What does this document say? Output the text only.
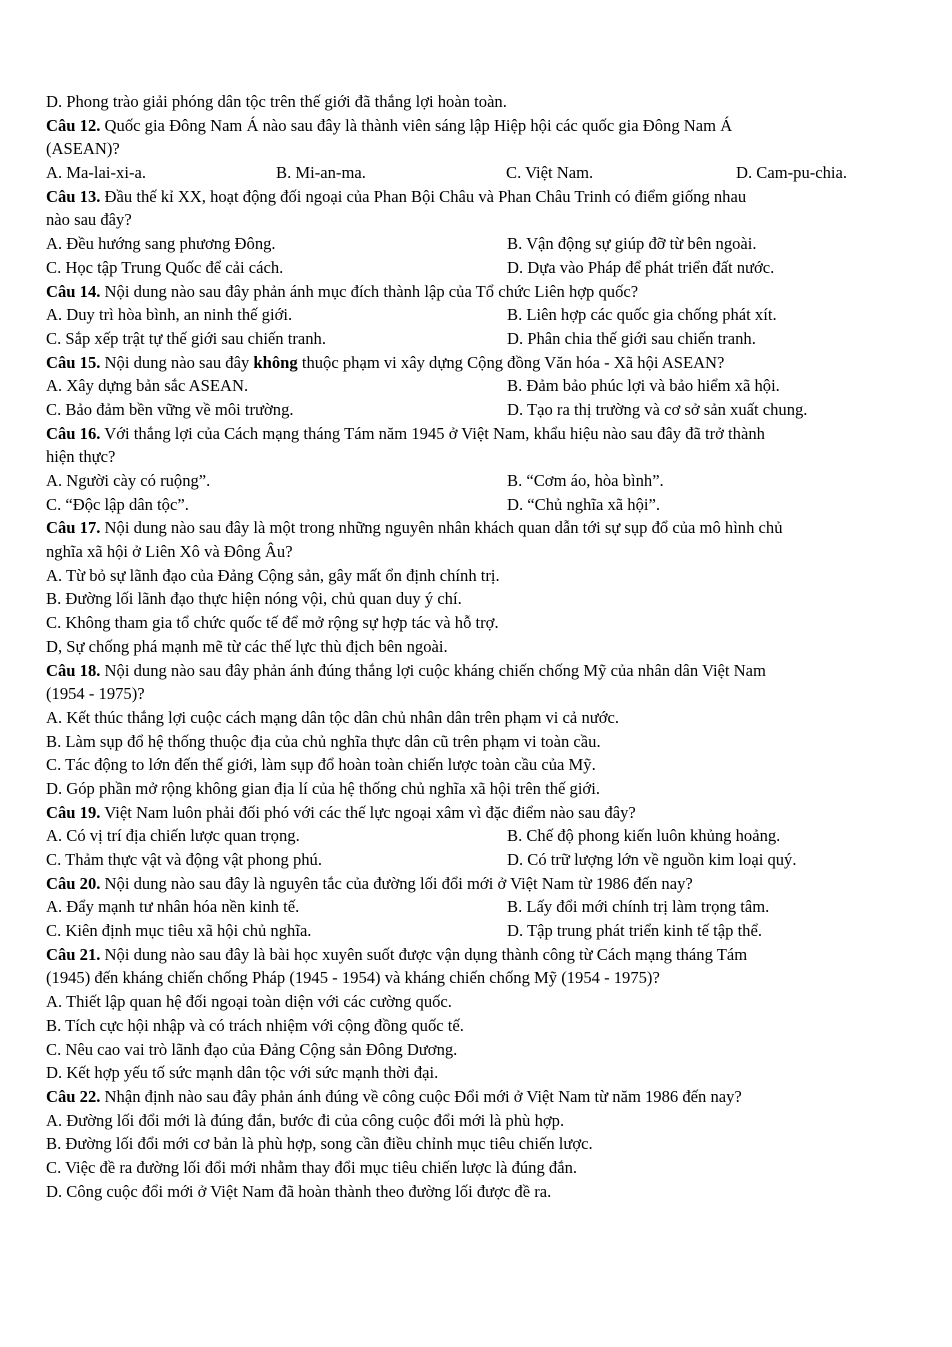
D. Phong trào giải phóng dân tộc trên thế giới đã thắng lợi hoàn toàn.
Câu 12. Quốc gia Đông Nam Á nào sau đây là thành viên sáng lập Hiệp hội các quốc gia Đông Nam Á
(ASEAN)?
A. Ma-lai-xi-a.	B. Mi-an-ma.	C. Việt Nam.	D. Cam-pu-chia.
Câu 13. Đầu thế kỉ XX, hoạt động đối ngoại của Phan Bội Châu và Phan Châu Trinh có điểm giống nhau
nào sau đây?
A. Đều hướng sang phương Đông.	B. Vận động sự giúp đỡ từ bên ngoài.
C. Học tập Trung Quốc để cải cách.	D. Dựa vào Pháp để phát triển đất nước.
Câu 14. Nội dung nào sau đây phản ánh mục đích thành lập của Tổ chức Liên hợp quốc?
A. Duy trì hòa bình, an ninh thế giới.	B. Liên hợp các quốc gia chống phát xít.
C. Sắp xếp trật tự thế giới sau chiến tranh.	D. Phân chia thế giới sau chiến tranh.
Câu 15. Nội dung nào sau đây không thuộc phạm vi xây dựng Cộng đồng Văn hóa - Xã hội ASEAN?
A. Xây dựng bản sắc ASEAN.	B. Đảm bảo phúc lợi và bảo hiểm xã hội.
C. Bảo đảm bền vững về môi trường.	D. Tạo ra thị trường và cơ sở sản xuất chung.
Câu 16. Với thắng lợi của Cách mạng tháng Tám năm 1945 ở Việt Nam, khẩu hiệu nào sau đây đã trở thành
hiện thực?
A. Người cày có ruộng”.	B. “Cơm áo, hòa bình”.
C. “Độc lập dân tộc”.	D. “Chủ nghĩa xã hội”.
Câu 17. Nội dung nào sau đây là một trong những nguyên nhân khách quan dẫn tới sự sụp đổ của mô hình chủ
nghĩa xã hội ở Liên Xô và Đông Âu?
A. Từ bỏ sự lãnh đạo của Đảng Cộng sản, gây mất ổn định chính trị.
B. Đường lối lãnh đạo thực hiện nóng vội, chủ quan duy ý chí.
C. Không tham gia tổ chức quốc tế để mở rộng sự hợp tác và hỗ trợ.
D, Sự chống phá mạnh mẽ từ các thế lực thù địch bên ngoài.
Câu 18. Nội dung nào sau đây phản ánh đúng thắng lợi cuộc kháng chiến chống Mỹ của nhân dân Việt Nam
(1954 - 1975)?
A. Kết thúc thắng lợi cuộc cách mạng dân tộc dân chủ nhân dân trên phạm vi cả nước.
B. Làm sụp đổ hệ thống thuộc địa của chủ nghĩa thực dân cũ trên phạm vi toàn cầu.
C. Tác động to lớn đến thế giới, làm sụp đổ hoàn toàn chiến lược toàn cầu của Mỹ.
D. Góp phần mở rộng không gian địa lí của hệ thống chủ nghĩa xã hội trên thế giới.
Câu 19. Việt Nam luôn phải đối phó với các thế lực ngoại xâm vì đặc điểm nào sau đây?
A. Có vị trí địa chiến lược quan trọng.	B. Chế độ phong kiến luôn khủng hoảng.
C. Thảm thực vật và động vật phong phú.	D. Có trữ lượng lớn về nguồn kim loại quý.
Câu 20. Nội dung nào sau đây là nguyên tắc của đường lối đổi mới ở Việt Nam từ 1986 đến nay?
A. Đẩy mạnh tư nhân hóa nền kinh tế.	B. Lấy đổi mới chính trị làm trọng tâm.
C. Kiên định mục tiêu xã hội chủ nghĩa.	D. Tập trung phát triển kinh tế tập thể.
Câu 21. Nội dung nào sau đây là bài học xuyên suốt được vận dụng thành công từ Cách mạng tháng Tám
(1945) đến kháng chiến chống Pháp (1945 - 1954) và kháng chiến chống Mỹ (1954 - 1975)?
A. Thiết lập quan hệ đối ngoại toàn diện với các cường quốc.
B. Tích cực hội nhập và có trách nhiệm với cộng đồng quốc tế.
C. Nêu cao vai trò lãnh đạo của Đảng Cộng sản Đông Dương.
D. Kết hợp yếu tố sức mạnh dân tộc với sức mạnh thời đại.
Câu 22. Nhận định nào sau đây phản ánh đúng về công cuộc Đổi mới ở Việt Nam từ năm 1986 đến nay?
A. Đường lối đổi mới là đúng đắn, bước đi của công cuộc đổi mới là phù hợp.
B. Đường lối đổi mới cơ bản là phù hợp, song cần điều chỉnh mục tiêu chiến lược.
C. Việc đề ra đường lối đổi mới nhằm thay đổi mục tiêu chiến lược là đúng đắn.
D. Công cuộc đổi mới ở Việt Nam đã hoàn thành theo đường lối được đề ra.
